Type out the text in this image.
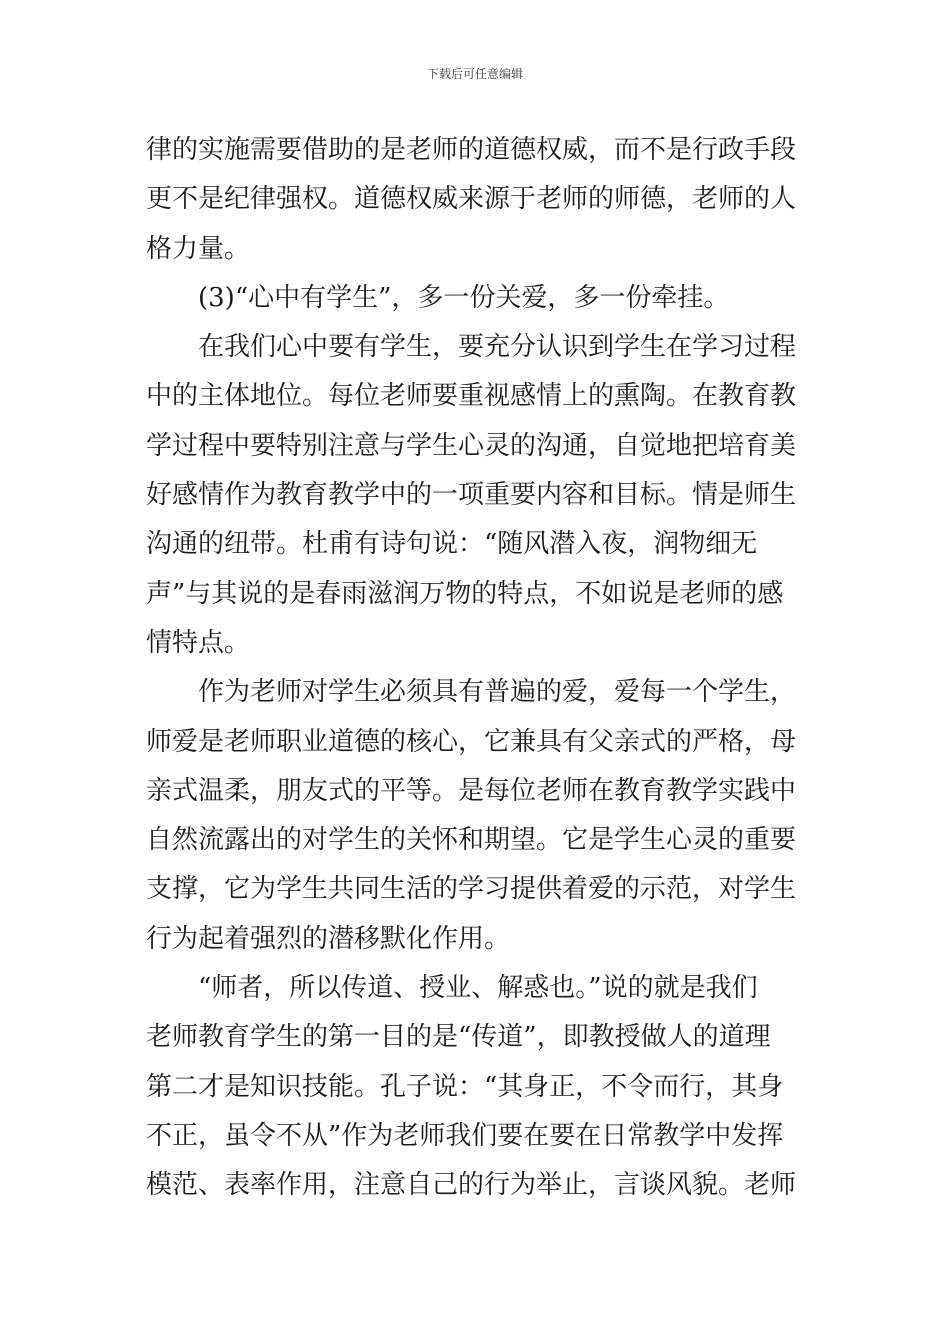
下载后可任意编辑
律的实施需要借助的是老师的道德权威，而不是行政手段
更不是纪律强权。道德权威来源于老师的师德，老师的人
格力量。
(3)“心中有学生”，多一份关爱，多一份牵挂。
在我们心中要有学生，要充分认识到学生在学习过程
中的主体地位。每位老师要重视感情上的熏陶。在教育教
学过程中要特别注意与学生心灵的沟通，自觉地把培育美
好感情作为教育教学中的一项重要内容和目标。情是师生
沟通的纽带。杜甫有诗句说：“随风潜入夜，润物细无
声”与其说的是春雨滋润万物的特点，不如说是老师的感
情特点。
作为老师对学生必须具有普遍的爱，爱每一个学生，
师爱是老师职业道德的核心，它兼具有父亲式的严格，母
亲式温柔，朋友式的平等。是每位老师在教育教学实践中
自然流露出的对学生的关怀和期望。它是学生心灵的重要
支撑，它为学生共同生活的学习提供着爱的示范，对学生
行为起着强烈的潜移默化作用。
“师者，所以传道、授业、解惑也。”说的就是我们
老师教育学生的第一目的是“传道”，即教授做人的道理
第二才是知识技能。孔子说：“其身正，不令而行，其身
不正，虽令不从”作为老师我们要在要在日常教学中发挥
模范、表率作用，注意自己的行为举止，言谈风貌。老师
